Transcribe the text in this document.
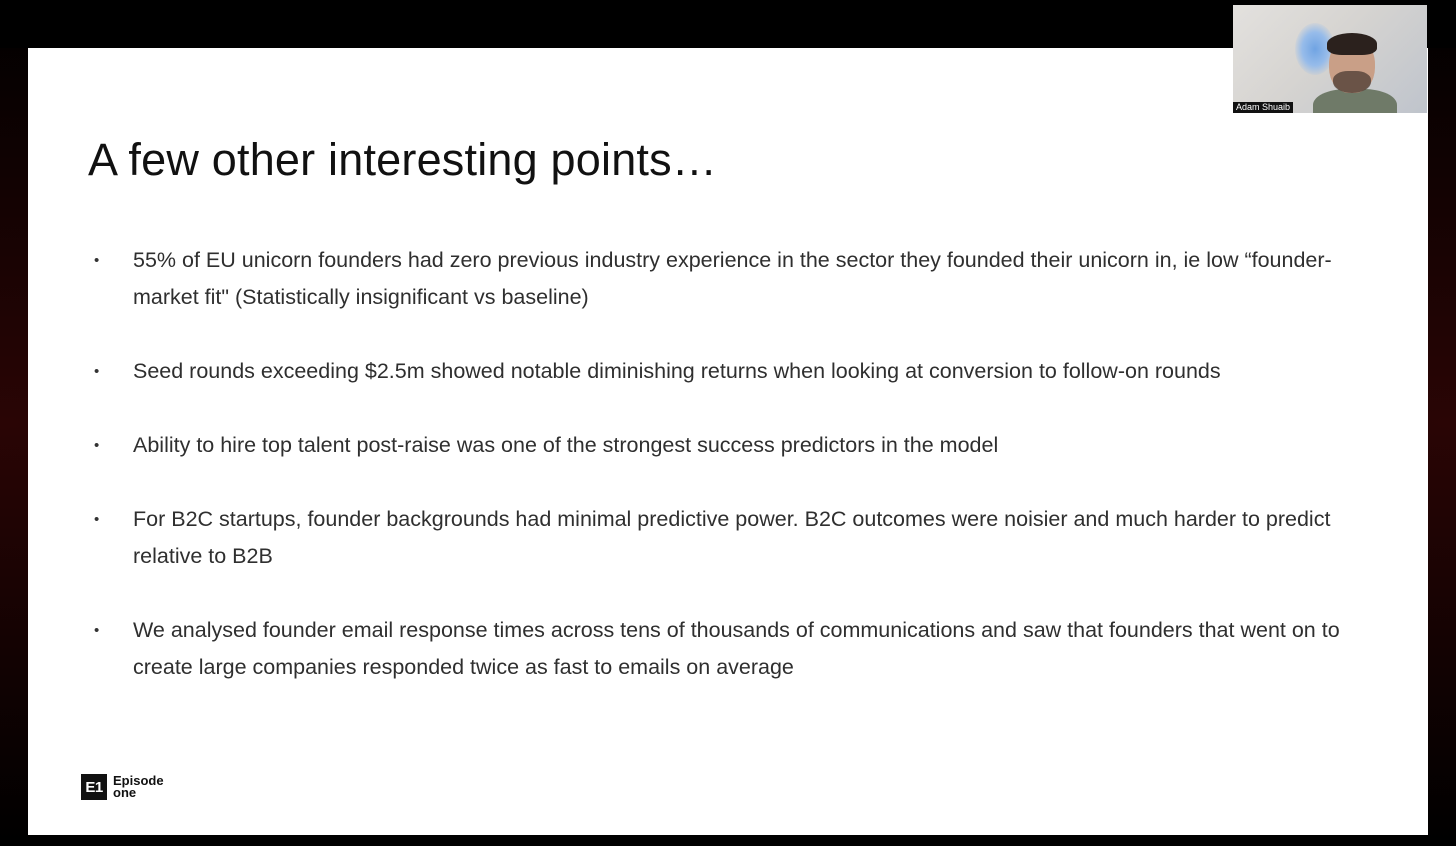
A few other interesting points…
• 55% of EU unicorn founders had zero previous industry experience in the sector they founded their unicorn in, ie low “founder-market fit" (Statistically insignificant vs baseline)
• Seed rounds exceeding $2.5m showed notable diminishing returns when looking at conversion to follow-on rounds
• Ability to hire top talent post-raise was one of the strongest success predictors in the model
• For B2C startups, founder backgrounds had minimal predictive power. B2C outcomes were noisier and much harder to predict relative to B2B
• We analysed founder email response times across tens of thousands of communications and saw that founders that went on to create large companies responded twice as fast to emails on average
E1 Episode
one
Adam Shuaib
